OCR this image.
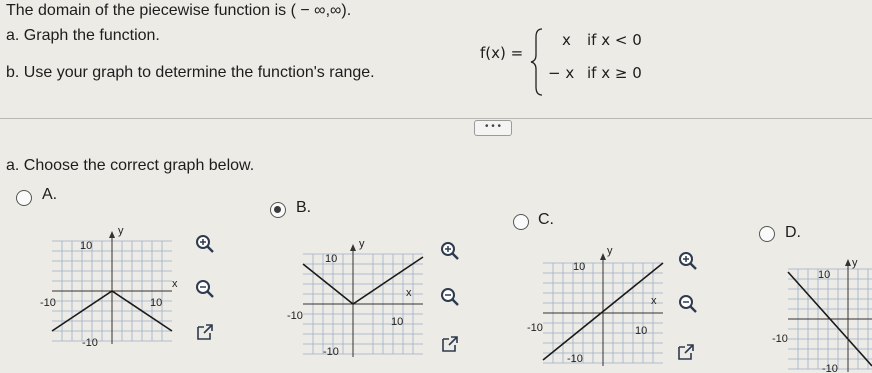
The domain of the piecewise function is ( − ∞,∞).
a. Graph the function.
b. Use your graph to determine the function's range.
f(x) =
x if x < 0
− x if x ≥ 0
• • •
a. Choose the correct graph below.
A.
y
x
10
-10	10
-10
B.
y
x
10
-10	10
-10
C.
y
x
10
-10	10
-10
D.
y
10
-10
-10
